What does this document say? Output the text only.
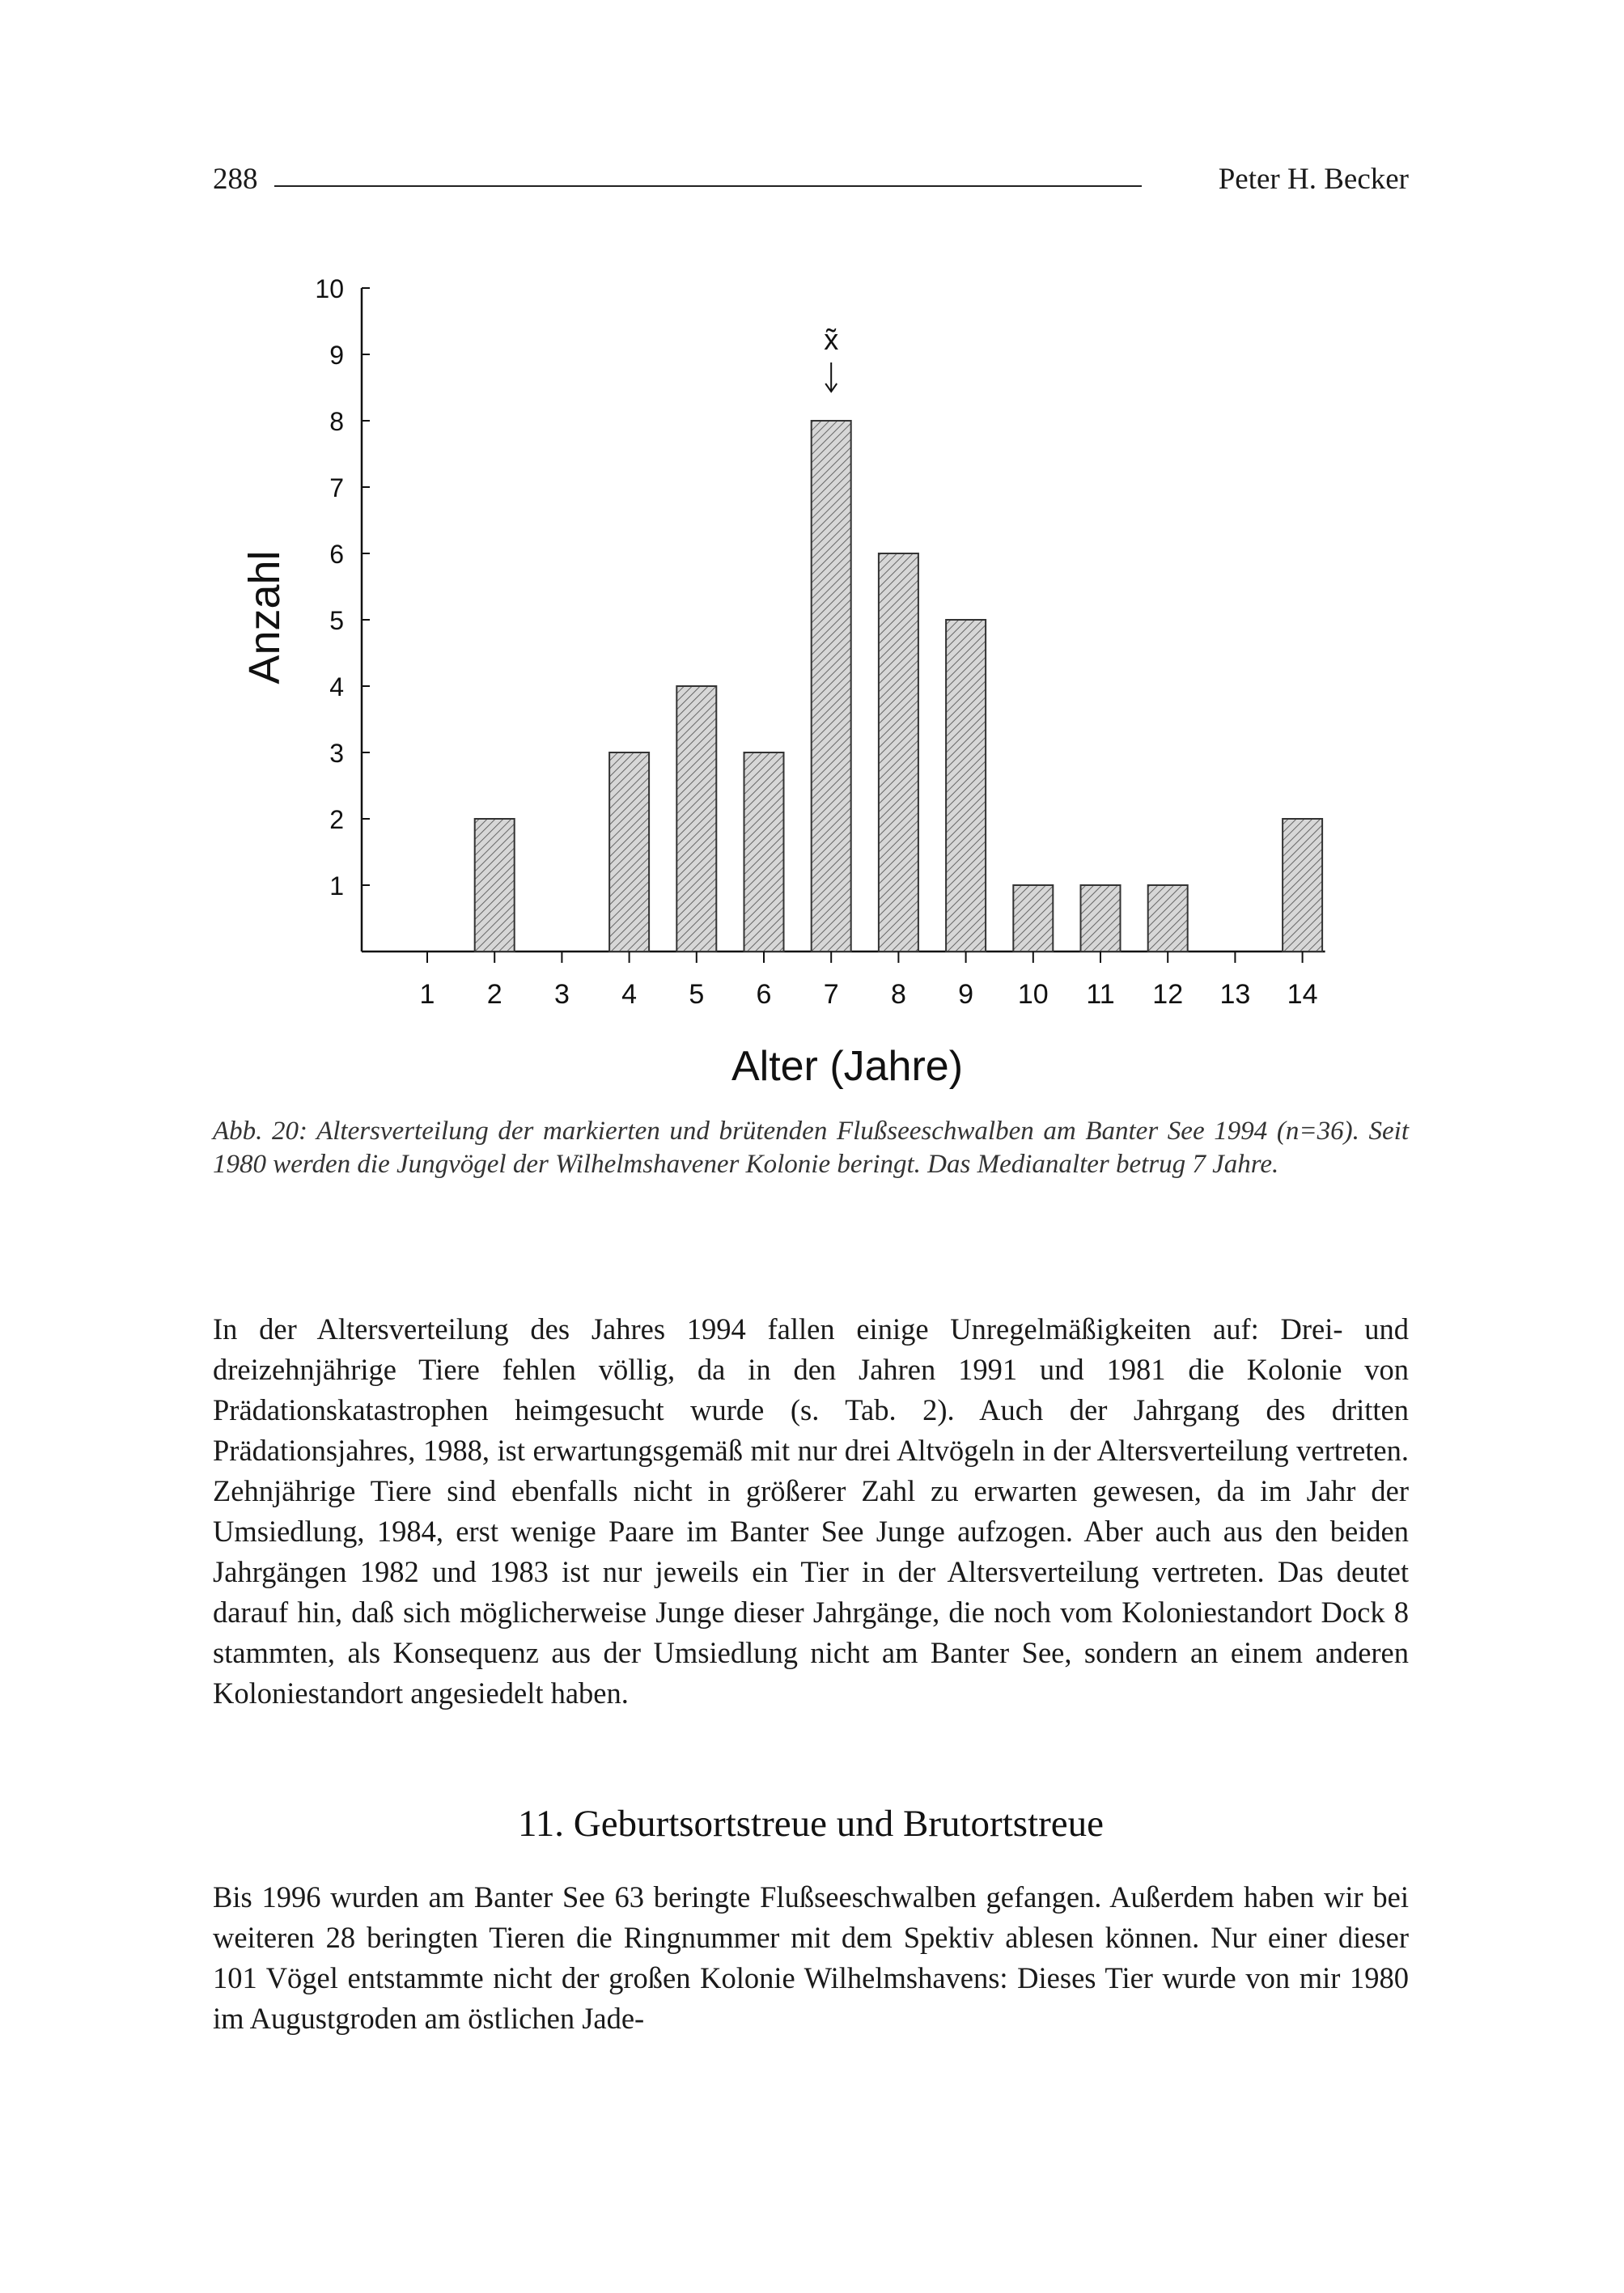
288	Peter H. Becker
1
2
3
4
5
6
7
8
9
10
1 2 3 4 5 6 7 8 9 10 11 12 13 14
Alter (Jahre)
Anzahl
x̃
Abb. 20: Altersverteilung der markierten und brütenden Flußseeschwalben am Banter See 1994 (n=36). Seit 1980 werden die Jungvögel der Wilhelmshavener Kolonie beringt. Das Medianalter betrug 7 Jahre.
In der Altersverteilung des Jahres 1994 fallen einige Unregelmäßigkeiten auf: Drei- und dreizehnjährige Tiere fehlen völlig, da in den Jahren 1991 und 1981 die Kolonie von Prädationskatastrophen heimgesucht wurde (s. Tab. 2). Auch der Jahrgang des dritten Prädationsjahres, 1988, ist erwartungsgemäß mit nur drei Altvögeln in der Altersverteilung vertreten. Zehnjährige Tiere sind ebenfalls nicht in größerer Zahl zu erwarten gewesen, da im Jahr der Umsiedlung, 1984, erst wenige Paare im Banter See Junge aufzogen. Aber auch aus den beiden Jahrgängen 1982 und 1983 ist nur jeweils ein Tier in der Altersverteilung vertreten. Das deutet darauf hin, daß sich möglicherweise Junge dieser Jahrgänge, die noch vom Koloniestandort Dock 8 stammten, als Konsequenz aus der Umsiedlung nicht am Banter See, sondern an einem anderen Koloniestandort angesiedelt haben.
11. Geburtsortstreue und Brutortstreue
Bis 1996 wurden am Banter See 63 beringte Flußseeschwalben gefangen. Außerdem haben wir bei weiteren 28 beringten Tieren die Ringnummer mit dem Spektiv ablesen können. Nur einer dieser 101 Vögel entstammte nicht der großen Kolonie Wilhelmshavens: Dieses Tier wurde von mir 1980 im Augustgroden am östlichen Jade-
